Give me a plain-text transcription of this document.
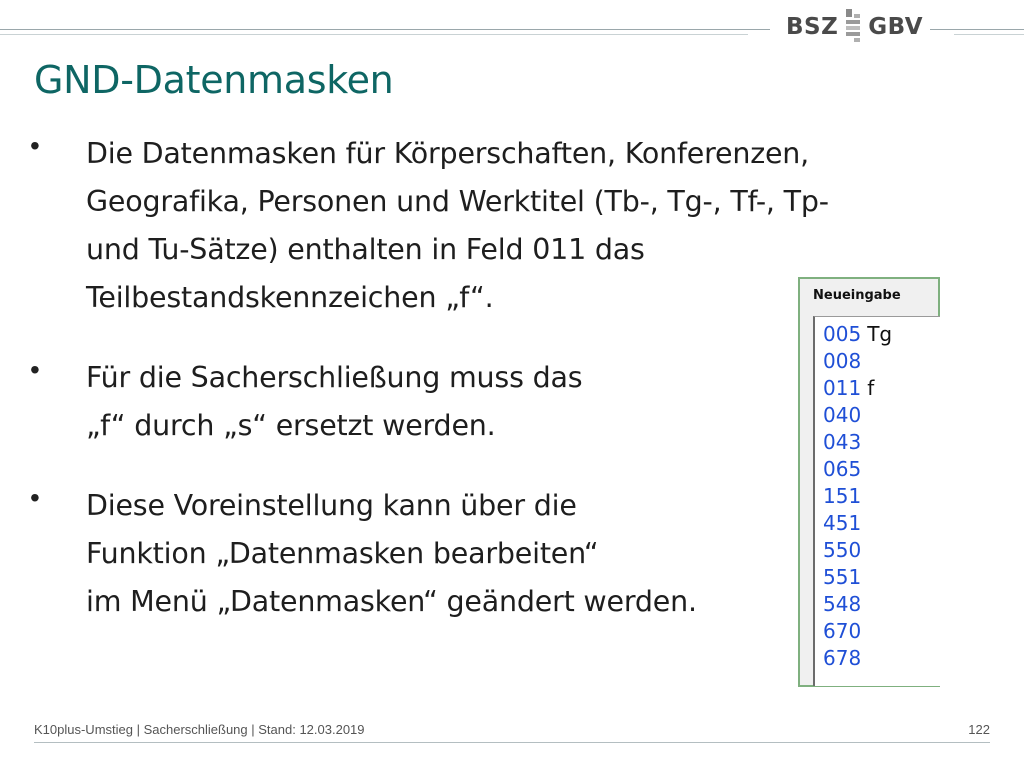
BSZ GBV
GND-Datenmasken
• Die Datenmasken für Körperschaften, Konferenzen,
Geografika, Personen und Werktitel (Tb-, Tg-, Tf-, Tp-
und Tu-Sätze) enthalten in Feld 011 das
Teilbestandskennzeichen „f“.
• Für die Sacherschließung muss das
„f“ durch „s“ ersetzt werden.
• Diese Voreinstellung kann über die
Funktion „Datenmasken bearbeiten“
im Menü „Datenmasken“ geändert werden.
Neueingabe
005 Tg
008
011 f
040
043
065
151
451
550
551
548
670
678
K10plus-Umstieg | Sacherschließung | Stand: 12.03.2019	122
